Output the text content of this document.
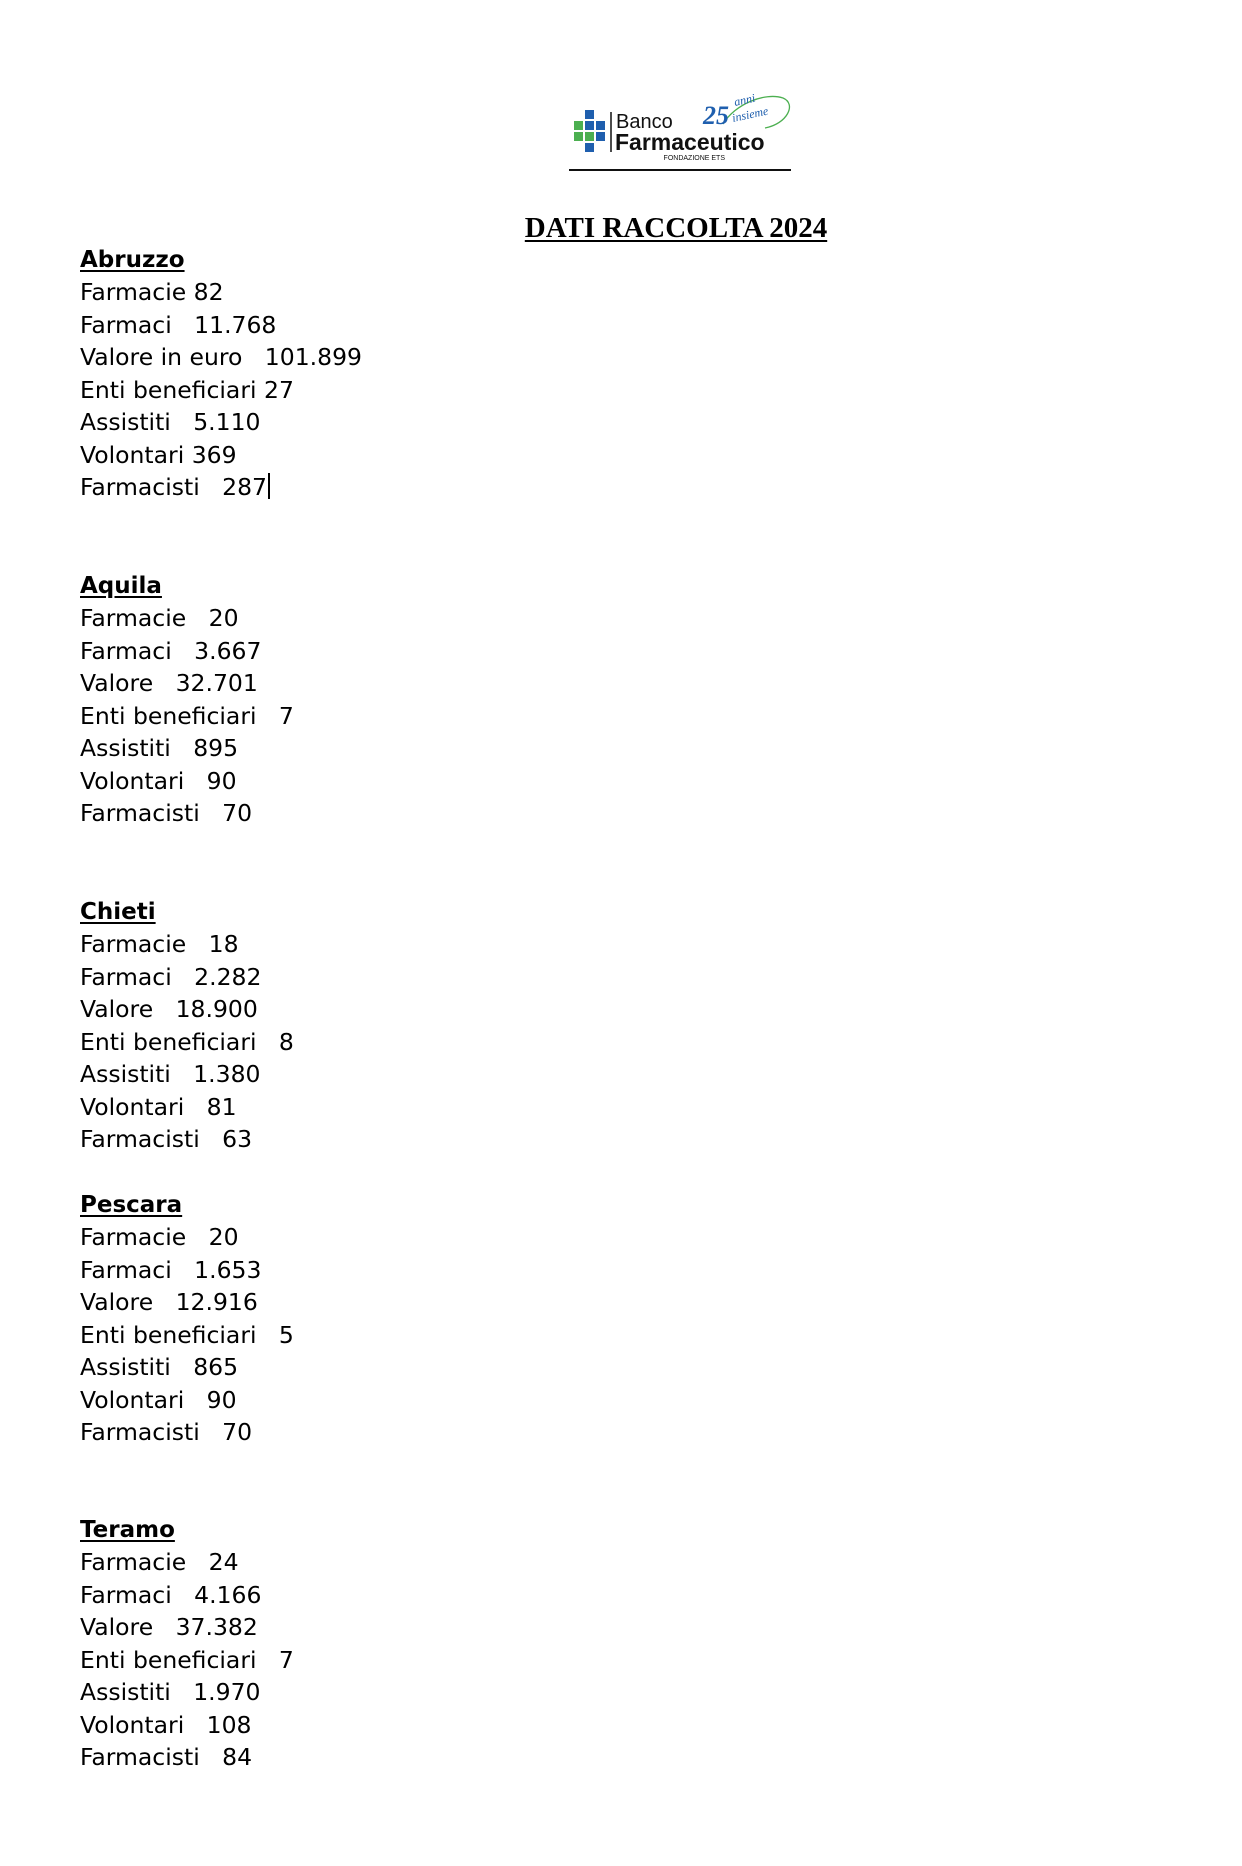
Banco
Farmaceutico
FONDAZIONE ETS
25
anni
insieme
DATI RACCOLTA 2024
Abruzzo
Farmacie 82
Farmaci   11.768
Valore in euro   101.899
Enti beneficiari 27
Assistiti   5.110
Volontari 369
Farmacisti   287
Aquila
Farmacie   20
Farmaci   3.667
Valore   32.701
Enti beneficiari   7
Assistiti   895
Volontari   90
Farmacisti   70
Chieti
Farmacie   18
Farmaci   2.282
Valore   18.900
Enti beneficiari   8
Assistiti   1.380
Volontari   81
Farmacisti   63
Pescara
Farmacie   20
Farmaci   1.653
Valore   12.916
Enti beneficiari   5
Assistiti   865
Volontari   90
Farmacisti   70
Teramo
Farmacie   24
Farmaci   4.166
Valore   37.382
Enti beneficiari   7
Assistiti   1.970
Volontari   108
Farmacisti   84
